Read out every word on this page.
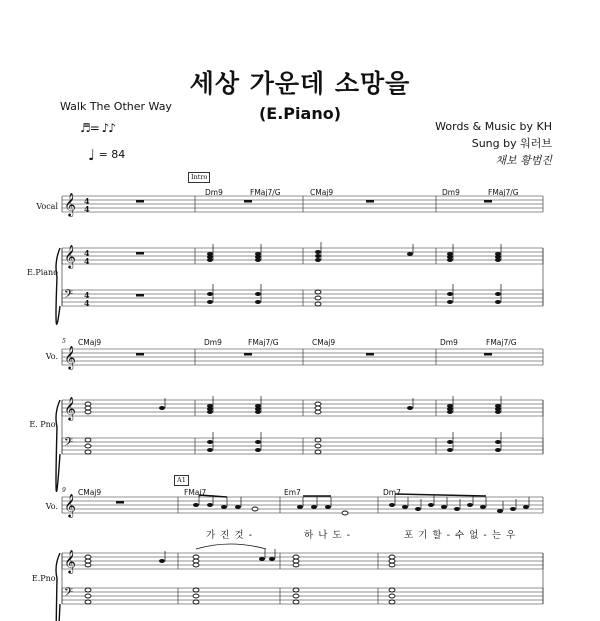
세상 가운데 소망을
(E.Piano)
Walk The Other Way
♬= ♪♪	Words & Music by KH
Sung by 워러브
채보 황범진
♩ = 84
𝄞
𝄞
𝄢
4
4
4
4
4
4
𝄞
𝄞
𝄢
𝄞
𝄞
𝄢
Intro
Vocal
E.Piano
Dm9	FMaj7/G	CMaj9	Dm9	FMaj7/G
5
Vo.
E. Pno.
CMaj9	Dm9	FMaj7/G	CMaj9	Dm9	FMaj7/G
A1
9
Vo.
E.Pno.
CMaj9	FMaj7	Em7	Dm7
가 진 것 -	하 나 도 -	포 기 할 - 수 없 - 는 우
